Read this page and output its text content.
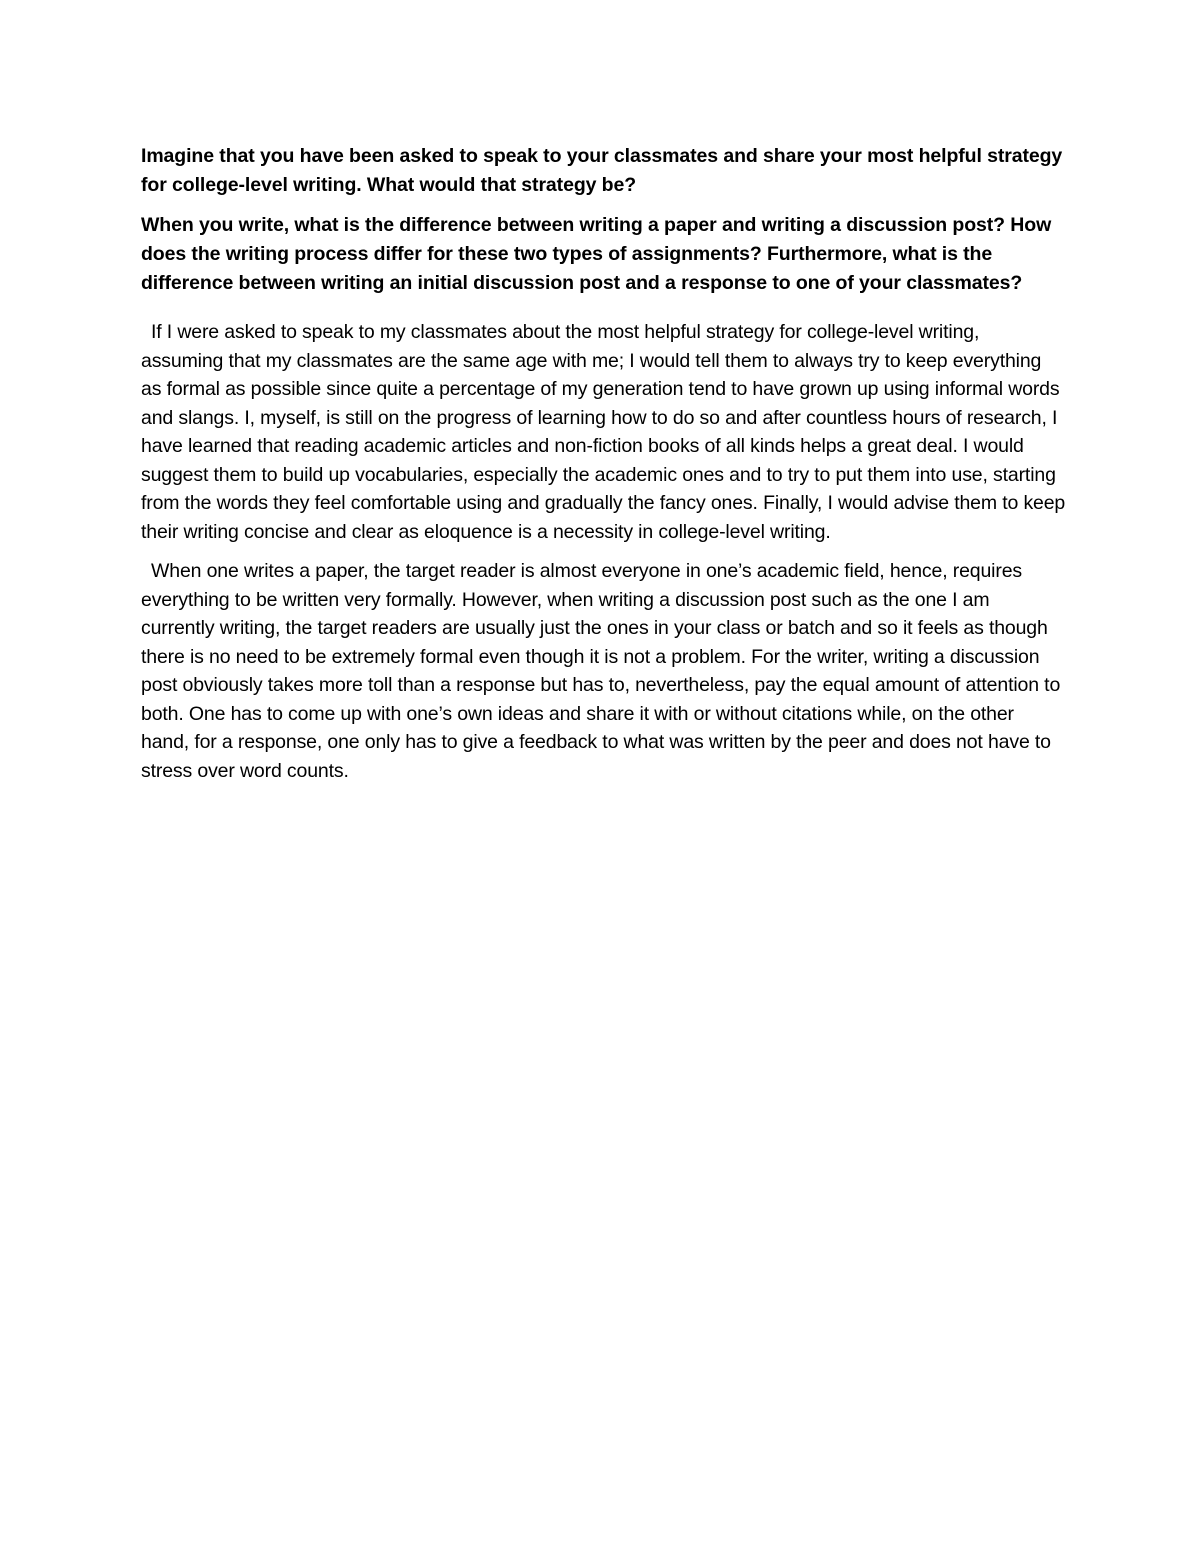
Imagine that you have been asked to speak to your classmates and share your most helpful strategy for college-level writing. What would that strategy be?

When you write, what is the difference between writing a paper and writing a discussion post? How does the writing process differ for these two types of assignments? Furthermore, what is the difference between writing an initial discussion post and a response to one of your classmates?

If I were asked to speak to my classmates about the most helpful strategy for college-level writing, assuming that my classmates are the same age with me; I would tell them to always try to keep everything as formal as possible since quite a percentage of my generation tend to have grown up using informal words and slangs. I, myself, is still on the progress of learning how to do so and after countless hours of research, I have learned that reading academic articles and non-fiction books of all kinds helps a great deal. I would suggest them to build up vocabularies, especially the academic ones and to try to put them into use, starting from the words they feel comfortable using and gradually the fancy ones. Finally, I would advise them to keep their writing concise and clear as eloquence is a necessity in college-level writing.

When one writes a paper, the target reader is almost everyone in one’s academic field, hence, requires everything to be written very formally. However, when writing a discussion post such as the one I am currently writing, the target readers are usually just the ones in your class or batch and so it feels as though there is no need to be extremely formal even though it is not a problem. For the writer, writing a discussion post obviously takes more toll than a response but has to, nevertheless, pay the equal amount of attention to both. One has to come up with one’s own ideas and share it with or without citations while, on the other hand, for a response, one only has to give a feedback to what was written by the peer and does not have to stress over word counts.
